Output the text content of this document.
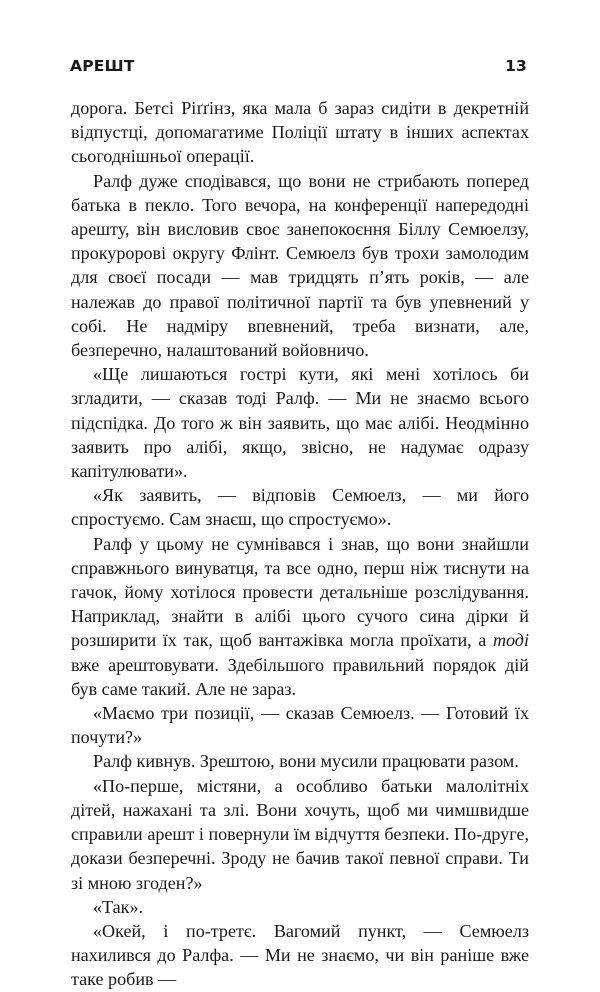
АРЕШТ	13

дорога. Бетсі Ріґґінз, яка мала б зараз сидіти в декретній відпустці, допомагатиме Поліції штату в інших аспектах сьогоднішньої операції.

Ралф дуже сподівався, що вони не стрибають поперед батька в пекло. Того вечора, на конференції напередодні арешту, він висловив своє занепокоєння Біллу Семюелзу, прокуророві округу Флінт. Семюелз був трохи замолодим для своєї посади — мав тридцять п’ять років, — але належав до правої політичної партії та був упевнений у собі. Не надміру впевнений, треба визнати, але, безперечно, налаштований войовничо.

«Ще лишаються гострі кути, які мені хотілось би згладити, — сказав тоді Ралф. — Ми не знаємо всього підспідка. До того ж він заявить, що має алібі. Неодмінно заявить про алібі, якщо, звісно, не надумає одразу капітулювати».

«Як заявить, — відповів Семюелз, — ми його спростуємо. Сам знаєш, що спростуємо».

Ралф у цьому не сумнівався і знав, що вони знайшли справжнього винуватця, та все одно, перш ніж тиснути на гачок, йому хотілося провести детальніше розслідування. Наприклад, знайти в алібі цього сучого сина дірки й розширити їх так, щоб вантажівка могла проїхати, а тоді вже арештовувати. Здебільшого правильний порядок дій був саме такий. Але не зараз.

«Маємо три позиції, — сказав Семюелз. — Готовий їх почути?»

Ралф кивнув. Зрештою, вони мусили працювати разом.

«По-перше, містяни, а особливо батьки малолітніх дітей, нажахані та злі. Вони хочуть, щоб ми чимшвидше справили арешт і повернули їм відчуття безпеки. По-друге, докази безперечні. Зроду не бачив такої певної справи. Ти зі мною згоден?»

«Так».

«Окей, і по-третє. Вагомий пункт, — Семюелз нахилився до Ралфа. — Ми не знаємо, чи він раніше вже таке робив —
